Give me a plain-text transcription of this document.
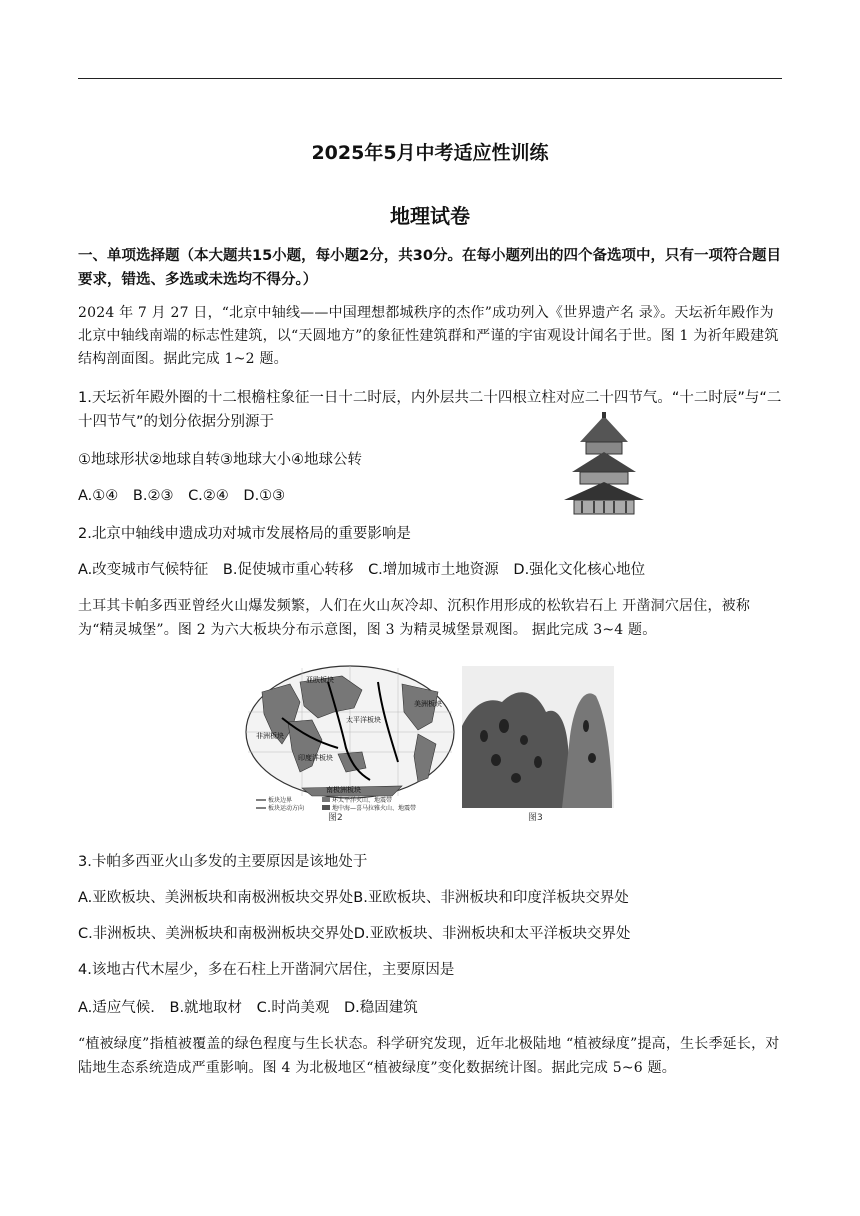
2025年5月中考适应性训练
地理试卷
一、单项选择题（本大题共15小题，每小题2分，共30分。在每小题列出的四个备选项中，只有一项符合题目要求，错选、多选或未选均不得分。）
2024 年 7 月 27 日，“北京中轴线——中国理想都城秩序的杰作”成功列入《世界遗产名 录》。天坛祈年殿作为北京中轴线南端的标志性建筑，以“天圆地方”的象征性建筑群和严谨的宇宙观设计闻名于世。图 1 为祈年殿建筑结构剖面图。据此完成 1~2 题。
1.天坛祈年殿外圈的十二根檐柱象征一日十二时辰，内外层共二十四根立柱对应二十四节气。“十二时辰”与“二十四节气”的划分依据分别源于
①地球形状②地球自转③地球大小④地球公转
A.①④ B.②③ C.②④ D.①③
2.北京中轴线申遗成功对城市发展格局的重要影响是
A.改变城市气候特征 B.促使城市重心转移 C.增加城市土地资源 D.强化文化核心地位
土耳其卡帕多西亚曾经火山爆发频繁，人们在火山灰冷却、沉积作用形成的松软岩石上 开凿洞穴居住，被称为“精灵城堡”。图 2 为六大板块分布示意图，图 3 为精灵城堡景观图。 据此完成 3~4 题。
亚欧板块
非洲板块
太平洋板块
印度洋板块
美洲板块
南极洲板块
板块边界	环太平洋火山、地震带
板块运动方向	地中海—喜马拉雅火山、地震带
图2	图3
3.卡帕多西亚火山多发的主要原因是该地处于
A.亚欧板块、美洲板块和南极洲板块交界处B.亚欧板块、非洲板块和印度洋板块交界处
C.非洲板块、美洲板块和南极洲板块交界处D.亚欧板块、非洲板块和太平洋板块交界处
4.该地古代木屋少，多在石柱上开凿洞穴居住，主要原因是
A.适应气候. B.就地取材 C.时尚美观 D.稳固建筑
“植被绿度”指植被覆盖的绿色程度与生长状态。科学研究发现，近年北极陆地 “植被绿度”提高，生长季延长，对陆地生态系统造成严重影响。图 4 为北极地区“植被绿度”变化数据统计图。据此完成 5~6 题。
